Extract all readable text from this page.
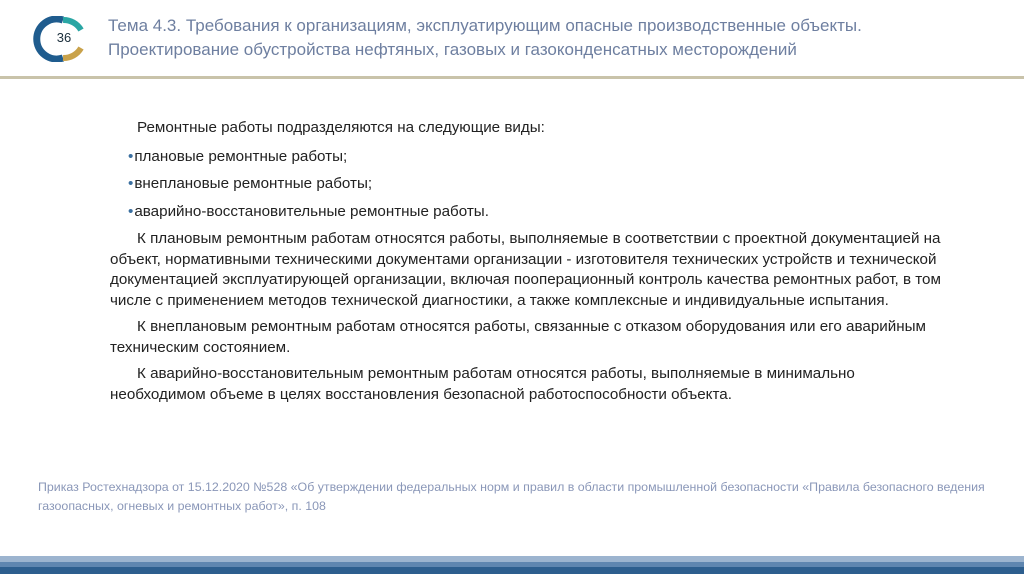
36
Тема 4.3. Требования к организациям, эксплуатирующим опасные производственные объекты. Проектирование обустройства нефтяных, газовых и газоконденсатных месторождений

Ремонтные работы подразделяются на следующие виды:

•плановые ремонтные работы;

•внеплановые ремонтные работы;

•аварийно-восстановительные ремонтные работы.

К плановым ремонтным работам относятся работы, выполняемые в соответствии с проектной документацией на объект, нормативными техническими документами организации - изготовителя технических устройств и технической документацией эксплуатирующей организации, включая пооперационный контроль качества ремонтных работ, в том числе с применением методов технической диагностики, а также комплексные и индивидуальные испытания.

К внеплановым ремонтным работам относятся работы, связанные с отказом оборудования или его аварийным техническим состоянием.

К аварийно-восстановительным ремонтным работам относятся работы, выполняемые в минимально необходимом объеме в целях восстановления безопасной работоспособности объекта.

Приказ Ростехнадзора от 15.12.2020 №528 «Об утверждении федеральных норм и правил в области промышленной безопасности «Правила безопасного ведения газоопасных, огневых и ремонтных работ», п. 108
